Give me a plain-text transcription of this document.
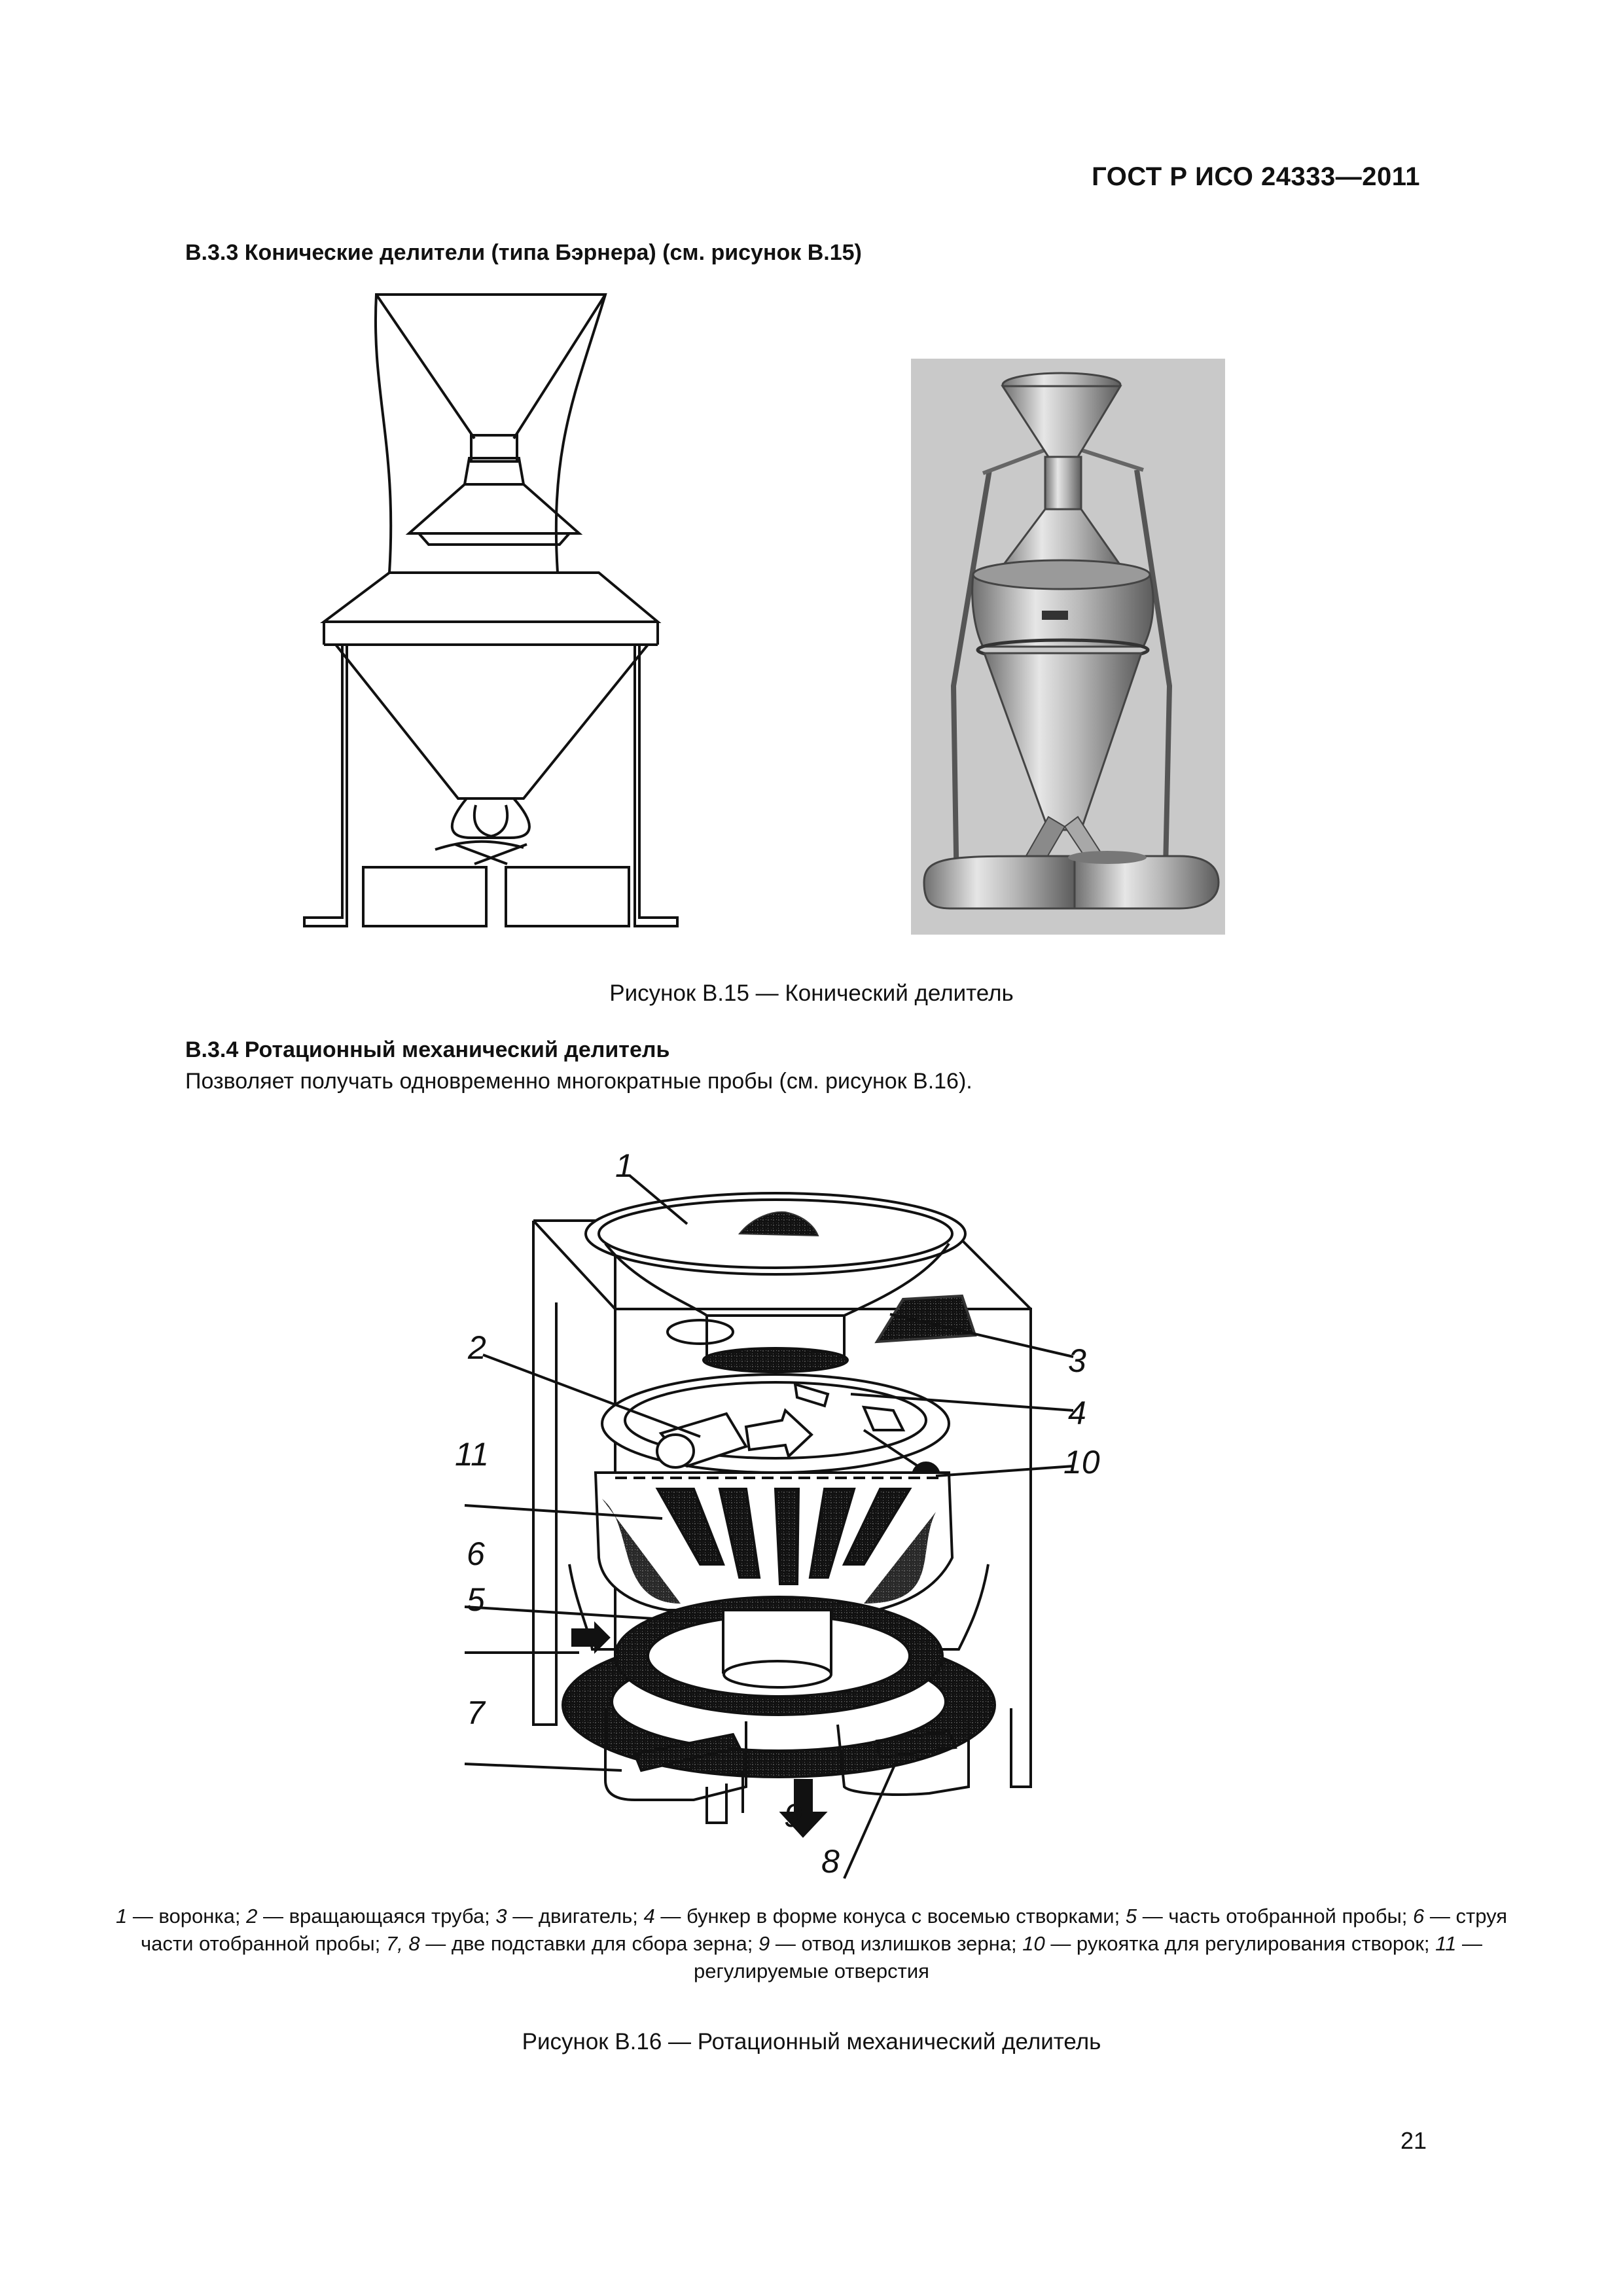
ГОСТ Р ИСО 24333—2011
В.3.3 Конические делители (типа Бэрнера) (см. рисунок В.15)
Рисунок В.15 — Конический делитель
В.3.4 Ротационный механический делитель
Позволяет получать одновременно многократные пробы (см. рисунок В.16).
1
2	3
4
5
6
7
8
9
10
11
1 — воронка; 2 — вращающаяся труба; 3 — двигатель; 4 — бункер в форме конуса с восемью створками; 5 — часть отобранной пробы; 6 — струя части отобранной пробы; 7, 8 — две подставки для сбора зерна; 9 — отвод излишков зерна; 10 — рукоятка для регулирования створок; 11 — регулируемые отверстия
Рисунок В.16 — Ротационный механический делитель
21
